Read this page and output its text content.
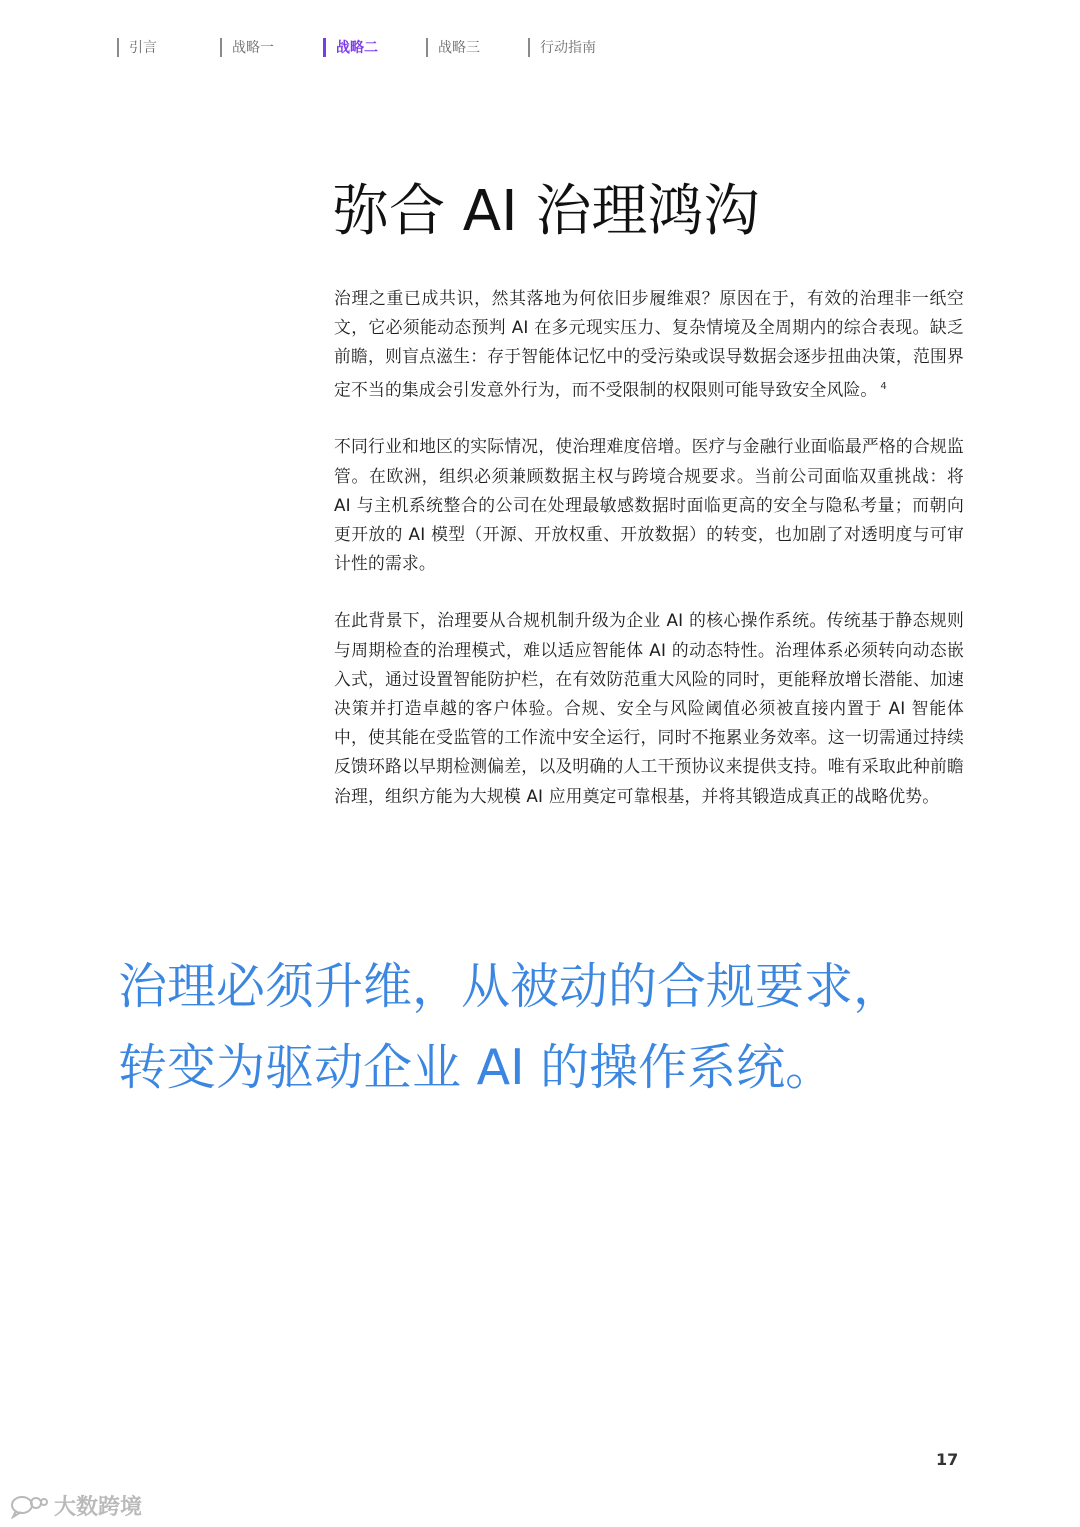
引言	战略一	战略二	战略三	行动指南
弥合 AI 治理鸿沟

治理之重已成共识，然其落地为何依旧步履维艰？原因在于，有效的治理非一纸空文，它必须能动态预判 AI 在多元现实压力、复杂情境及全周期内的综合表现。缺乏前瞻，则盲点滋生：存于智能体记忆中的受污染或误导数据会逐步扭曲决策，范围界定不当的集成会引发意外行为，而不受限制的权限则可能导致安全风险。 $^4$

不同行业和地区的实际情况，使治理难度倍增。医疗与金融行业面临最严格的合规监管。在欧洲，组织必须兼顾数据主权与跨境合规要求。当前公司面临双重挑战：将 AI 与主机系统整合的公司在处理最敏感数据时面临更高的安全与隐私考量；而朝向更开放的 AI 模型（开源、开放权重、开放数据）的转变，也加剧了对透明度与可审计性的需求。

在此背景下，治理要从合规机制升级为企业 AI 的核心操作系统。传统基于静态规则与周期检查的治理模式，难以适应智能体 AI 的动态特性。治理体系必须转向动态嵌入式，通过设置智能防护栏，在有效防范重大风险的同时，更能释放增长潜能、加速决策并打造卓越的客户体验。合规、安全与风险阈值必须被直接内置于 AI 智能体中，使其能在受监管的工作流中安全运行，同时不拖累业务效率。这一切需通过持续反馈环路以早期检测偏差，以及明确的人工干预协议来提供支持。唯有采取此种前瞻治理，组织方能为大规模 AI 应用奠定可靠根基，并将其锻造成真正的战略优势。

治理必须升维，从被动的合规要求，
转变为驱动企业 AI 的操作系统。
17
大数跨境
